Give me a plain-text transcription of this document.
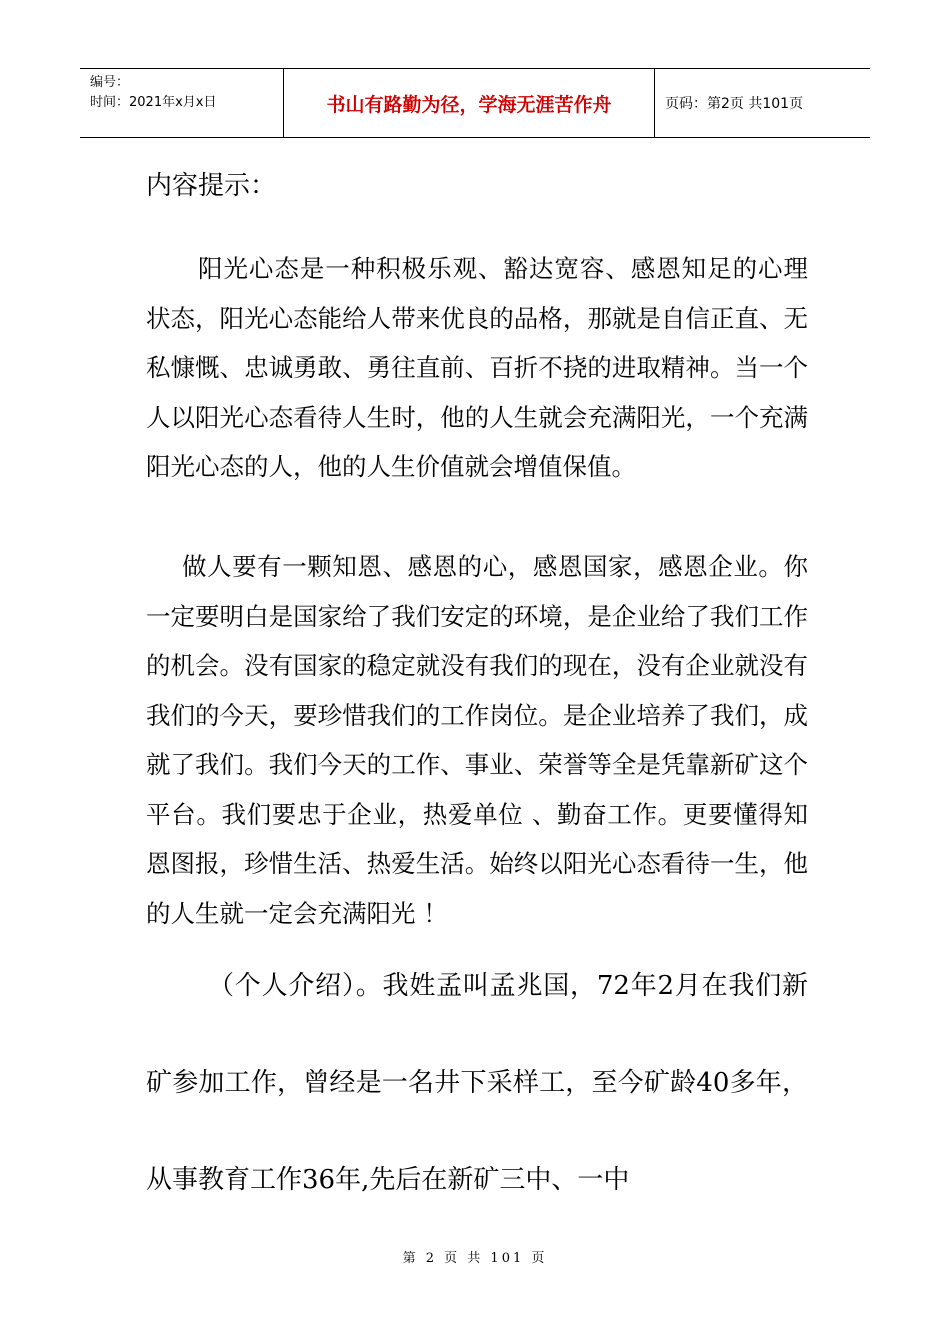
编号：
时间：2021年x月x日	书山有路勤为径，学海无涯苦作舟	页码：第2页 共101页
内容提示：

阳光心态是一种积极乐观、豁达宽容、感恩知足的心理状态，阳光心态能给人带来优良的品格，那就是自信正直、无私慷慨、忠诚勇敢、勇往直前、百折不挠的进取精神。当一个人以阳光心态看待人生时，他的人生就会充满阳光，一个充满阳光心态的人，他的人生价值就会增值保值。

做人要有一颗知恩、感恩的心，感恩国家，感恩企业。你一定要明白是国家给了我们安定的环境，是企业给了我们工作的机会。没有国家的稳定就没有我们的现在，没有企业就没有我们的今天，要珍惜我们的工作岗位。是企业培养了我们，成就了我们。我们今天的工作、事业、荣誉等全是凭靠新矿这个平台。我们要忠于企业，热爱单位 、勤奋工作。更要懂得知恩图报，珍惜生活、热爱生活。始终以阳光心态看待一生，他的人生就一定会充满阳光 ！

（个人介绍）。我姓孟叫孟兆国，72年2月在我们新矿参加工作，曾经是一名井下采样工，至今矿龄40多年，从事教育工作36年,先后在新矿三中、一中

第 2 页 共 101 页
